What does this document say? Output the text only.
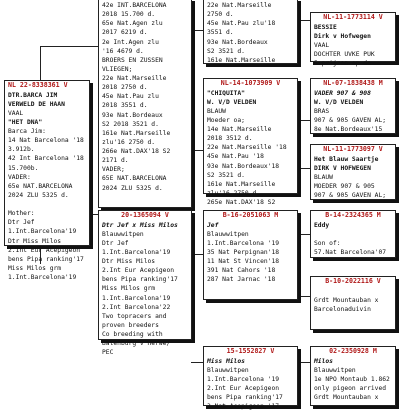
NL 22-8338361 V
DTR.BARCA JIM
VERWELD DE HAAN
VAAL
"HET DNA"
Barca Jim:
14 Nat Barcelona '18
3.912b.
42 Int Barcelona '18
15.700b.
VADER:
65e NAT.BARCELONA
2024 ZLU 5325 d.

Mother:
Dtr Jef
1.Int.Barcelona'19
Dtr Miss Milos
2.Int Eur Acepigeon
bens Pipa ranking'17
Miss Milos grm
1.Int.Barcelona'19
42e INT.BARCELONA
2018 15.700 d.
65e Nat.Agen zlu
2017 6219 d.
2e Int.Agen zlu
'16 4679 d.
BROERS EN ZUSSEN
VLIEGEN;
22e Nat.Marseille
2018 2750 d.
45e Nat.Pau zlu
2018 3551 d.
93e Nat.Bordeaux
S2 2018 3521 d.
161e Nat.Marseille
zlu'16 2750 d.
266e Nat.DAX'18 S2
2171 d.
VADER;
65E NAT.BARCELONA
2024 ZLU 5325 d.
22e Nat.Marseille
2750 d.
45e Nat.Pau zlu'18
3551 d.
93e Nat.Bordeaux
S2 3521 d.
161e Nat.Marseille
NL-14-1073909 V
"CHIQUITA"
W. V/D VELDEN
BLAUW
Moeder oa;
14e Nat.Marseille
2018 3512 d.
22e Nat.Marseille '18
45e Nat.Pau '18
93e Nat.Bordeaux'18
S2 3521 d.
161e Nat.Marseille
zlu'16 2750 d.
265e Nat.DAX'18 S2
NL-11-1773114 V
BESSIE
Dirk v Hofwegen
VAAL
DOCHTER UVKE PUK
5 prijzen op de
NL-07-1838438 M
VADER 907 & 908
W. V/D VELDEN
BRAS
907 & 905 GAVEN AL;
8e Nat.Bordeaux'15
NL-11-1773097 V
Het Blauw Saartje
DIRK V HOFWEGEN
BLAUW
MOEDER 907 & 905
907 & 905 GAVEN AL;
20-1365094 V
Dtr Jef x Miss Milos
Blauwwitpen
Dtr Jef
1.Int.Barcelona'19
Dtr Miss Milos
2.Int Eur Acepigeon
bens Pipa ranking'17
Miss Milos grm
1.Int.Barcelona'19
2.Int Barcelona'22
Two topracers and
proven breeders
Co breeding with
Batenburg v Herwe/
PEC
B-16-2051063 M
Jef
Blauwwitpen
1.Int.Barcelona '19
35 Nat Perpignan'18
11 Nat St Vincen'18
391 Nat Cahors '18
287 Nat Jarnac '18
B-14-2324365 M
Eddy

Son of:
57.Nat Barcelona'07
B-10-2022116 V

Grdt Mountauban x
Barcelonaduivin
15-1552827 V
Miss Milos
Blauwwitpen
1.Int.Barcelona '19
2.Int Eur Acepigeon
bens Pipa ranking'17
3.Nat Acepigeon '17
02-2350928 M
Milos
Blauwwitpen
1e NPO Montaub 1.862
only pigeon arrived
Grdt Mountauban x
